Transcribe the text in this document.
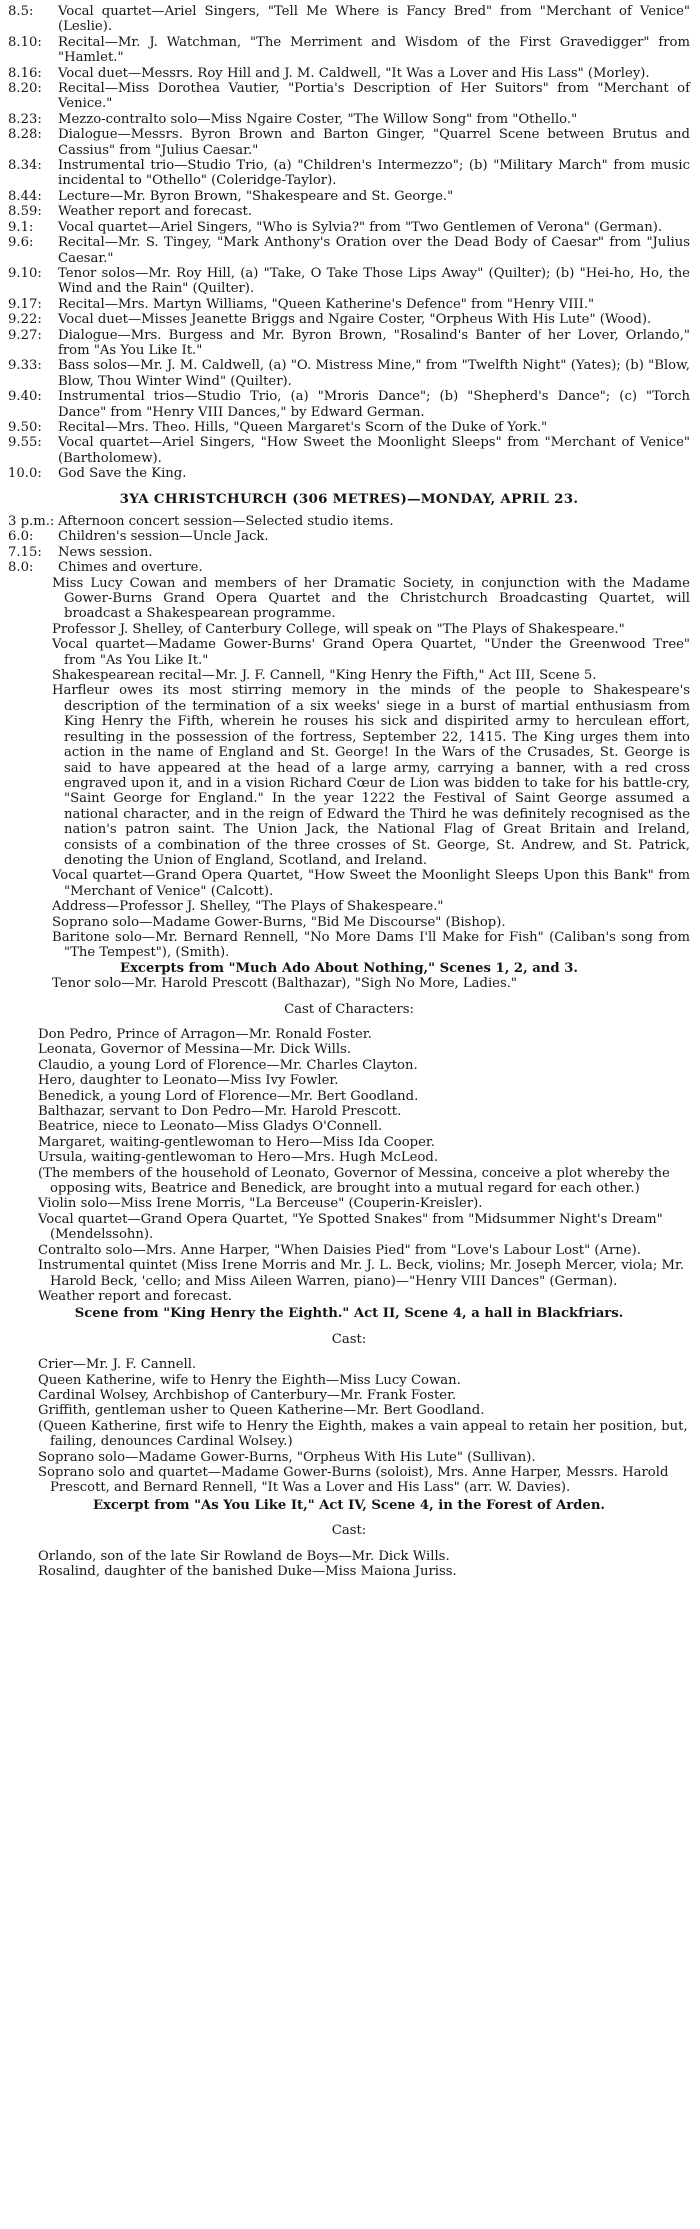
8.5:	Vocal quartet—Ariel Singers, "Tell Me Where is Fancy Bred" from "Merchant of Venice" (Leslie).
8.10:	Recital—Mr. J. Watchman, "The Merriment and Wisdom of the First Gravedigger" from "Hamlet."
8.16:	Vocal duet—Messrs. Roy Hill and J. M. Caldwell, "It Was a Lover and His Lass" (Morley).
8.20:	Recital—Miss Dorothea Vautier, "Portia's Description of Her Suitors" from "Merchant of Venice."
8.23:	Mezzo-contralto solo—Miss Ngaire Coster, "The Willow Song" from "Othello."
8.28:	Dialogue—Messrs. Byron Brown and Barton Ginger, "Quarrel Scene between Brutus and Cassius" from "Julius Caesar."
8.34:	Instrumental trio—Studio Trio, (a) "Children's Intermezzo"; (b) "Military March" from music incidental to "Othello" (Coleridge-Taylor).
8.44:	Lecture—Mr. Byron Brown, "Shakespeare and St. George."
8.59:	Weather report and forecast.
9.1:	Vocal quartet—Ariel Singers, "Who is Sylvia?" from "Two Gentlemen of Verona" (German).
9.6:	Recital—Mr. S. Tingey, "Mark Anthony's Oration over the Dead Body of Caesar" from "Julius Caesar."
9.10:	Tenor solos—Mr. Roy Hill, (a) "Take, O Take Those Lips Away" (Quilter); (b) "Hei-ho, Ho, the Wind and the Rain" (Quilter).
9.17:	Recital—Mrs. Martyn Williams, "Queen Katherine's Defence" from "Henry VIII."
9.22:	Vocal duet—Misses Jeanette Briggs and Ngaire Coster, "Orpheus With His Lute" (Wood).
9.27:	Dialogue—Mrs. Burgess and Mr. Byron Brown, "Rosalind's Banter of her Lover, Orlando," from "As You Like It."
9.33:	Bass solos—Mr. J. M. Caldwell, (a) "O. Mistress Mine," from "Twelfth Night" (Yates); (b) "Blow, Blow, Thou Winter Wind" (Quilter).
9.40:	Instrumental trios—Studio Trio, (a) "Mroris Dance"; (b) "Shepherd's Dance"; (c) "Torch Dance" from "Henry VIII Dances," by Edward German.
9.50:	Recital—Mrs. Theo. Hills, "Queen Margaret's Scorn of the Duke of York."
9.55:	Vocal quartet—Ariel Singers, "How Sweet the Moonlight Sleeps" from "Merchant of Venice" (Bartholomew).
10.0:	God Save the King.
3YA CHRISTCHURCH (306 METRES)—MONDAY, APRIL 23.
3 p.m.: Afternoon concert session—Selected studio items.
6.0:	Children's session—Uncle Jack.
7.15:	News session.
8.0:	Chimes and overture.
Miss Lucy Cowan and members of her Dramatic Society, in conjunction with the Madame Gower-Burns Grand Opera Quartet and the Christchurch Broadcasting Quartet, will broadcast a Shakespearean programme.
Professor J. Shelley, of Canterbury College, will speak on "The Plays of Shakespeare."
Vocal quartet—Madame Gower-Burns' Grand Opera Quartet, "Under the Greenwood Tree" from "As You Like It."
Shakespearean recital—Mr. J. F. Cannell, "King Henry the Fifth," Act III, Scene 5.
Harfleur owes its most stirring memory in the minds of the people to Shakespeare's description of the termination of a six weeks' siege in a burst of martial enthusiasm from King Henry the Fifth, wherein he rouses his sick and dispirited army to herculean effort, resulting in the possession of the fortress, September 22, 1415. The King urges them into action in the name of England and St. George! In the Wars of the Crusades, St. George is said to have appeared at the head of a large army, carrying a banner, with a red cross engraved upon it, and in a vision Richard Cœur de Lion was bidden to take for his battle-cry, "Saint George for England." In the year 1222 the Festival of Saint George assumed a national character, and in the reign of Edward the Third he was definitely recognised as the nation's patron saint. The Union Jack, the National Flag of Great Britain and Ireland, consists of a combination of the three crosses of St. George, St. Andrew, and St. Patrick, denoting the Union of England, Scotland, and Ireland.
Vocal quartet—Grand Opera Quartet, "How Sweet the Moonlight Sleeps Upon this Bank" from "Merchant of Venice" (Calcott).
Address—Professor J. Shelley, "The Plays of Shakespeare."
Soprano solo—Madame Gower-Burns, "Bid Me Discourse" (Bishop).
Baritone solo—Mr. Bernard Rennell, "No More Dams I'll Make for Fish" (Caliban's song from "The Tempest"), (Smith).
Excerpts from "Much Ado About Nothing," Scenes 1, 2, and 3.
Tenor solo—Mr. Harold Prescott (Balthazar), "Sigh No More, Ladies."
Cast of Characters:
Don Pedro, Prince of Arragon—Mr. Ronald Foster.
Leonata, Governor of Messina—Mr. Dick Wills.
Claudio, a young Lord of Florence—Mr. Charles Clayton.
Hero, daughter to Leonato—Miss Ivy Fowler.
Benedick, a young Lord of Florence—Mr. Bert Goodland.
Balthazar, servant to Don Pedro—Mr. Harold Prescott.
Beatrice, niece to Leonato—Miss Gladys O'Connell.
Margaret, waiting-gentlewoman to Hero—Miss Ida Cooper.
Ursula, waiting-gentlewoman to Hero—Mrs. Hugh McLeod.
(The members of the household of Leonato, Governor of Messina, conceive a plot whereby the opposing wits, Beatrice and Benedick, are brought into a mutual regard for each other.)
Violin solo—Miss Irene Morris, "La Berceuse" (Couperin-Kreisler).
Vocal quartet—Grand Opera Quartet, "Ye Spotted Snakes" from "Midsummer Night's Dream" (Mendelssohn).
Contralto solo—Mrs. Anne Harper, "When Daisies Pied" from "Love's Labour Lost" (Arne).
Instrumental quintet (Miss Irene Morris and Mr. J. L. Beck, violins; Mr. Joseph Mercer, viola; Mr. Harold Beck, 'cello; and Miss Aileen Warren, piano)—"Henry VIII Dances" (German).
Weather report and forecast.
Scene from "King Henry the Eighth." Act II, Scene 4, a hall in Blackfriars.
Cast:
Crier—Mr. J. F. Cannell.
Queen Katherine, wife to Henry the Eighth—Miss Lucy Cowan.
Cardinal Wolsey, Archbishop of Canterbury—Mr. Frank Foster.
Griffith, gentleman usher to Queen Katherine—Mr. Bert Goodland.
(Queen Katherine, first wife to Henry the Eighth, makes a vain appeal to retain her position, but, failing, denounces Cardinal Wolsey.)
Soprano solo—Madame Gower-Burns, "Orpheus With His Lute" (Sullivan).
Soprano solo and quartet—Madame Gower-Burns (soloist), Mrs. Anne Harper, Messrs. Harold Prescott, and Bernard Rennell, "It Was a Lover and His Lass" (arr. W. Davies).
Excerpt from "As You Like It," Act IV, Scene 4, in the Forest of Arden.
Cast:
Orlando, son of the late Sir Rowland de Boys—Mr. Dick Wills.
Rosalind, daughter of the banished Duke—Miss Maiona Juriss.
